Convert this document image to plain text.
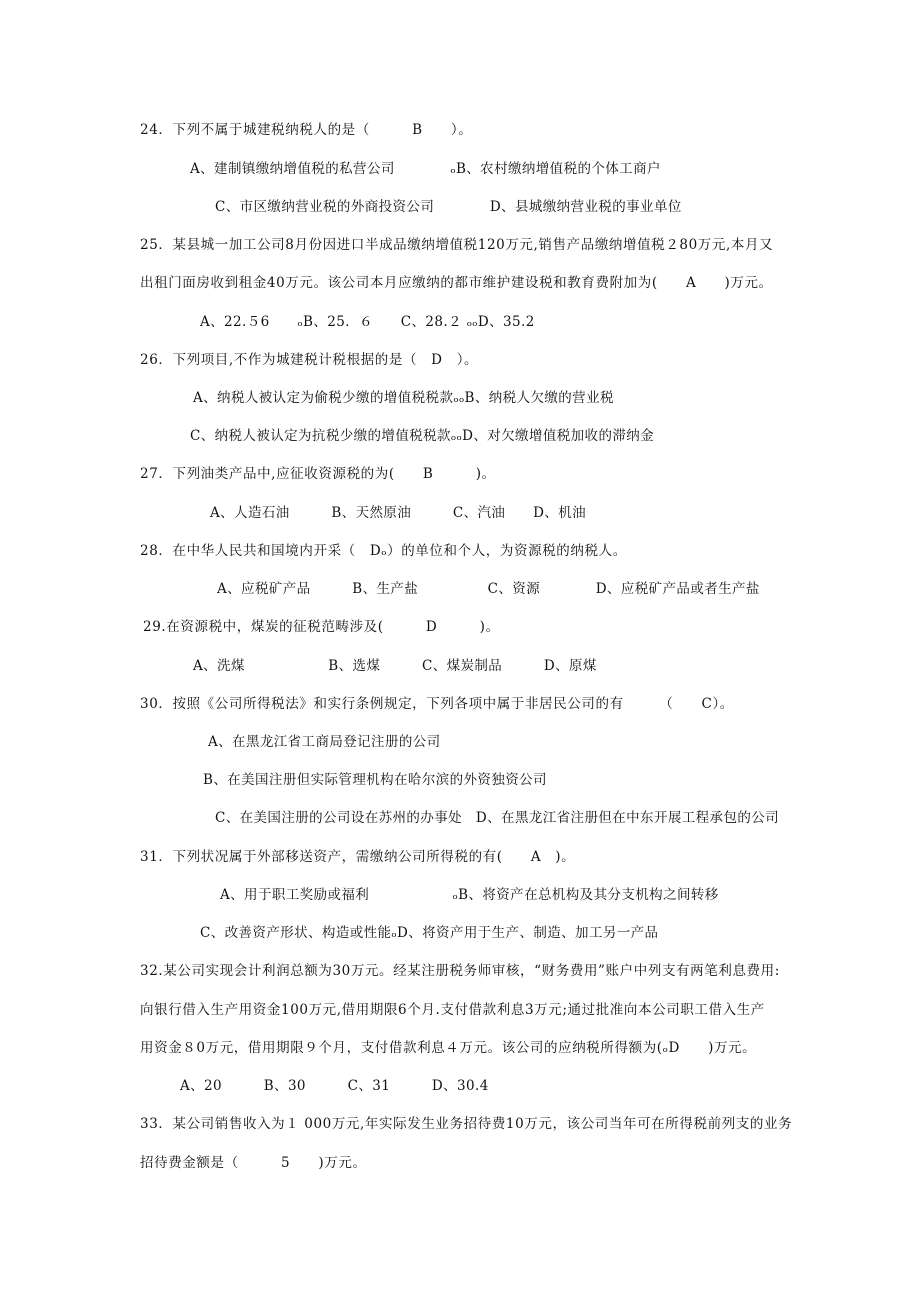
24．下列不属于城建税纳税人的是（　　　B　　）。
A、建制镇缴纳增值税的私营公司　　　　ₒB、农村缴纳增值税的个体工商户
C、市区缴纳营业税的外商投资公司　　　　D、县城缴纳营业税的事业单位
25．某县城一加工公司8月份因进口半成品缴纳增值税120万元,销售产品缴纳增值税２80万元,本月又
出租门面房收到租金40万元。该公司本月应缴纳的都市维护建设税和教育费附加为(　　A　　)万元。
A、22.５6　　ₒB、25．６　　C、28.２ ₒₒD、35.2
26．下列项目,不作为城建税计税根据的是（　D　）。
A、纳税人被认定为偷税少缴的增值税税款ₒₒB、纳税人欠缴的营业税
C、纳税人被认定为抗税少缴的增值税税款ₒₒD、对欠缴增值税加收的滞纳金
27．下列油类产品中,应征收资源税的为(　　B　　　)。
A、人造石油　　　B、天然原油　　　C、汽油　　D、机油
28．在中华人民共和国境内开采（　Dₒ）的单位和个人，为资源税的纳税人。
A、应税矿产品　　　B、生产盐　　　　　C、资源　　　　D、应税矿产品或者生产盐
29.在资源税中，煤炭的征税范畴涉及(　　　D　　　)。
A、洗煤　　　　　　B、选煤　　　C、煤炭制品　　　D、原煤
30．按照《公司所得税法》和实行条例规定，下列各项中属于非居民公司的有　　　（　　C）。
A、在黑龙江省工商局登记注册的公司
B、在美国注册但实际管理机构在哈尔滨的外资独资公司
C、在美国注册的公司设在苏州的办事处　D、在黑龙江省注册但在中东开展工程承包的公司
31．下列状况属于外部移送资产，需缴纳公司所得税的有(　　A　)。
A、用于职工奖励或福利　　　　　　ₒB、将资产在总机构及其分支机构之间转移
C、改善资产形状、构造或性能ₒD、将资产用于生产、制造、加工另一产品
32.某公司实现会计利润总额为30万元。经某注册税务师审核，“财务费用”账户中列支有两笔利息费用:
向银行借入生产用资金100万元,借用期限6个月.支付借款利息3万元;通过批准向本公司职工借入生产
用资金８0万元，借用期限９个月，支付借款利息４万元。该公司的应纳税所得额为(ₒD　　)万元。
A、20　　　B、30　　　C、31　　　D、30.4
33．某公司销售收入为１ 000万元,年实际发生业务招待费10万元，该公司当年可在所得税前列支的业务
招待费金额是（　　　5　　)万元。
